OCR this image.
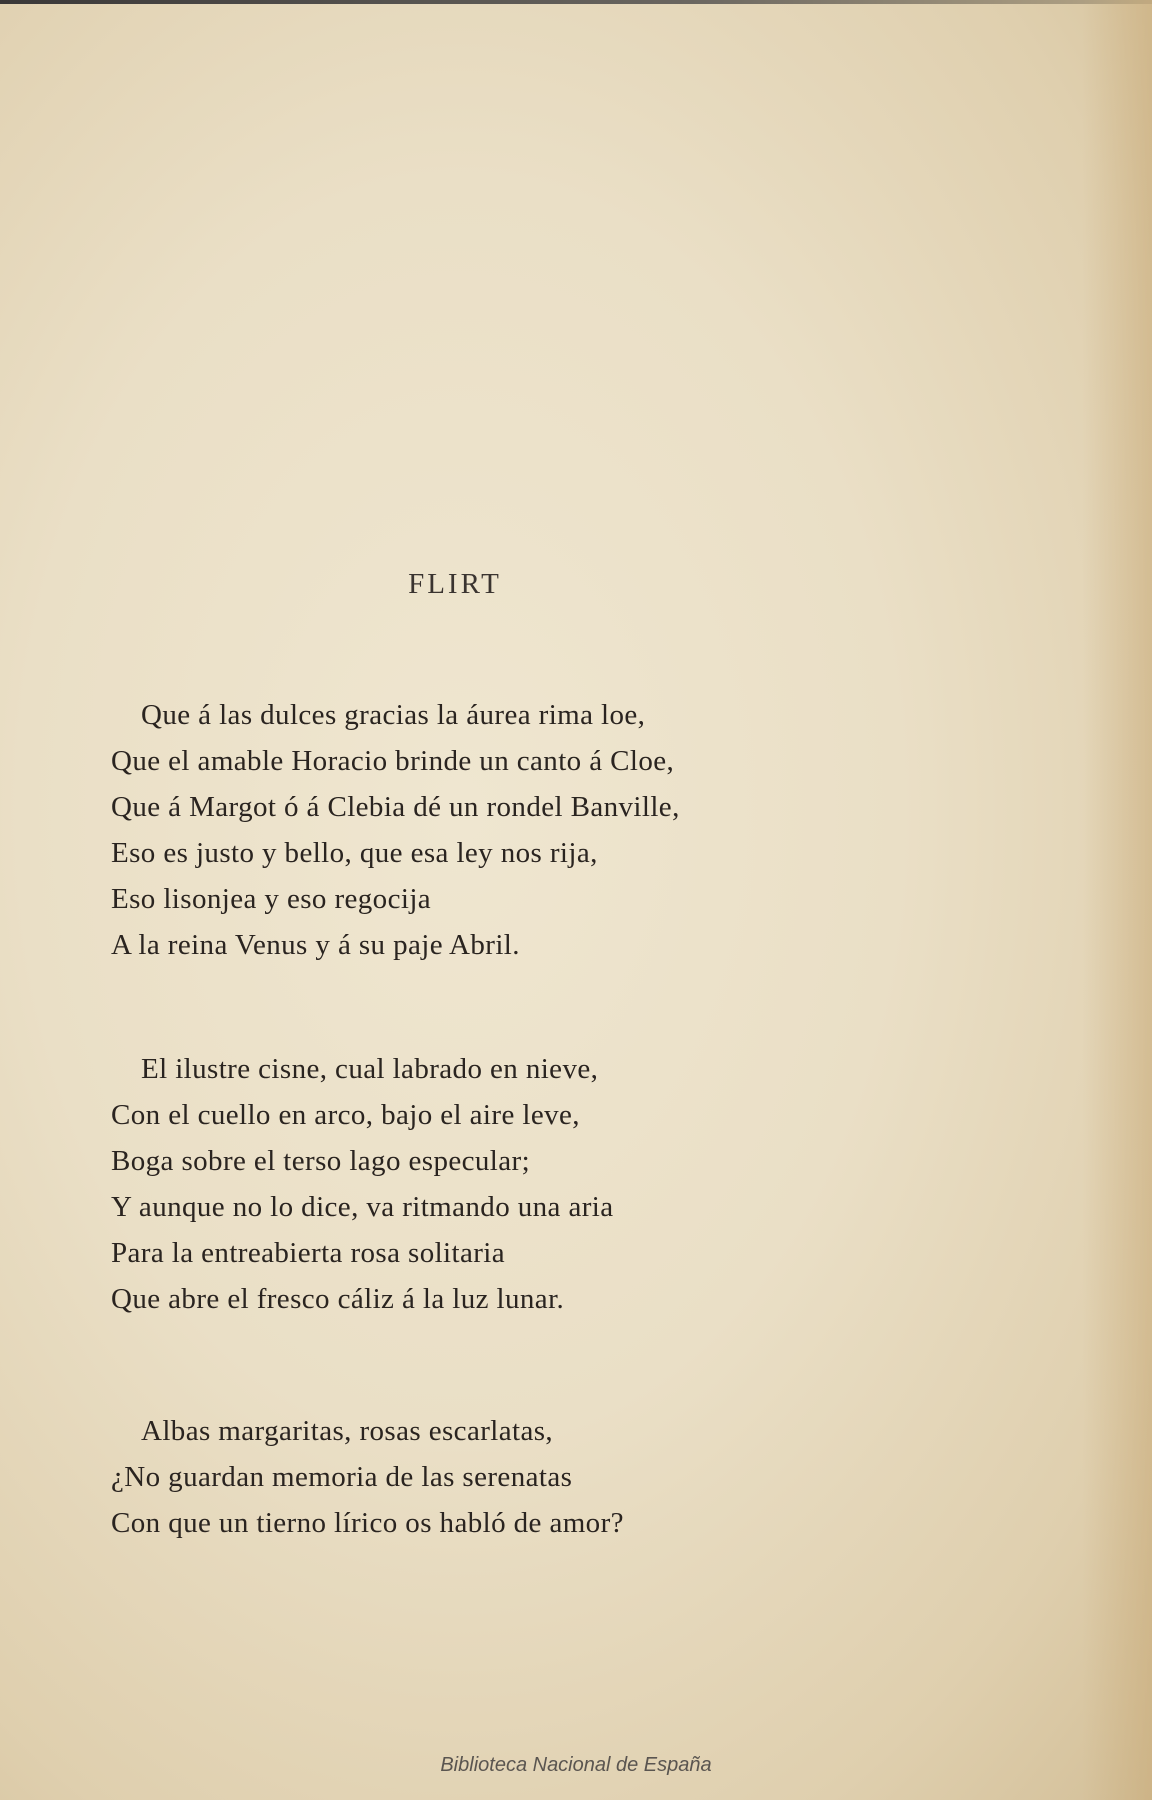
FLIRT
Que á las dulces gracias la áurea rima loe,
Que el amable Horacio brinde un canto á Cloe,
Que á Margot ó á Clebia dé un rondel Banville,
Eso es justo y bello, que esa ley nos rija,
Eso lisonjea y eso regocija
A la reina Venus y á su paje Abril.
El ilustre cisne, cual labrado en nieve,
Con el cuello en arco, bajo el aire leve,
Boga sobre el terso lago especular;
Y aunque no lo dice, va ritmando una aria
Para la entreabierta rosa solitaria
Que abre el fresco cáliz á la luz lunar.
Albas margaritas, rosas escarlatas,
¿No guardan memoria de las serenatas
Con que un tierno lírico os habló de amor?
Biblioteca Nacional de España
